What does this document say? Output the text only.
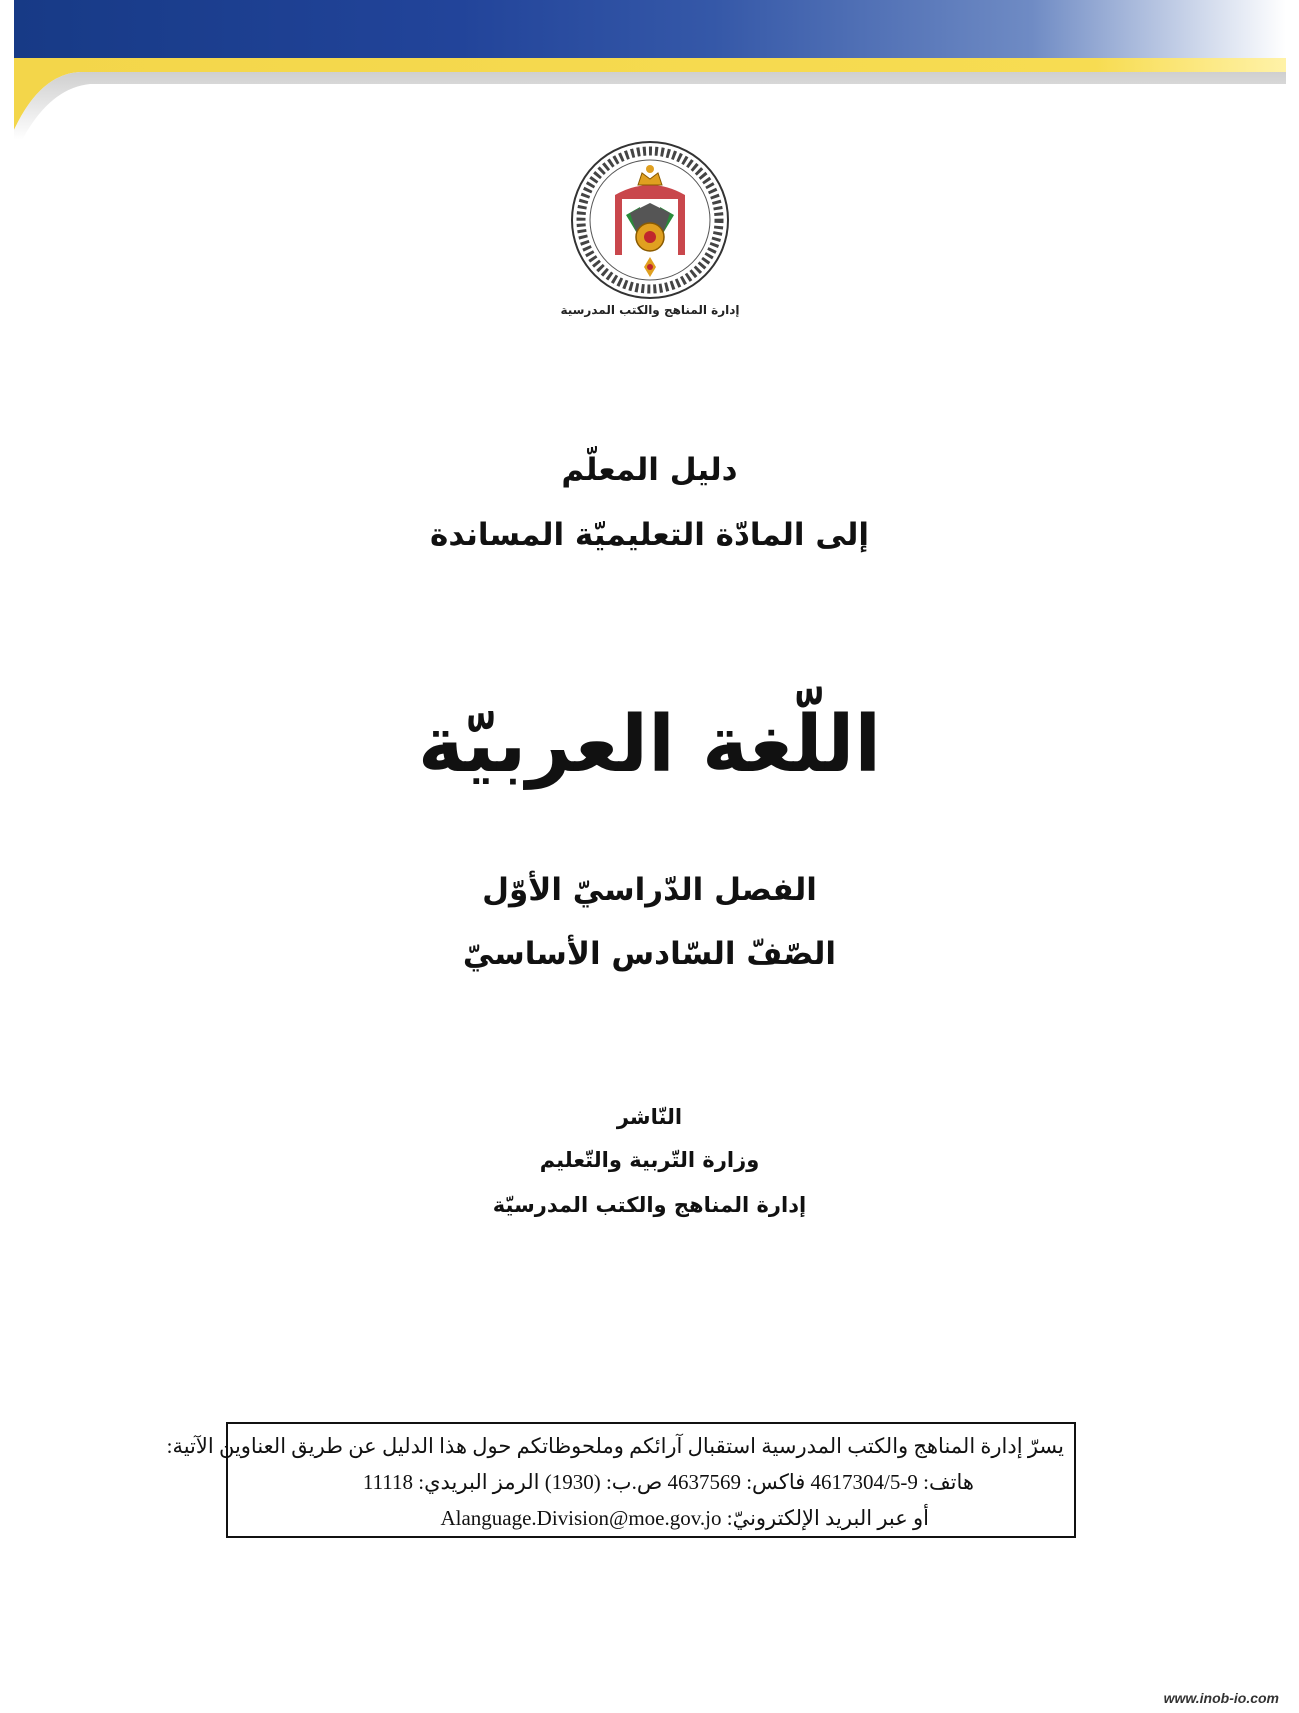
إدارة المناهج والكتب المدرسية
دليل المعلّم
إلى المادّة التعليميّة المساندة
اللّغة العربيّة
الفصل الدّراسيّ الأوّل
الصّفّ السّادس الأساسيّ
النّاشر
وزارة التّربية والتّعليم
إدارة المناهج والكتب المدرسيّة
يسرّ إدارة المناهج والكتب المدرسية استقبال آرائكم وملحوظاتكم حول هذا الدليل عن طريق العناوين الآتية:
هاتف: 9-4617304/5 فاكس: 4637569 ص.ب: (1930) الرمز البريدي: 11118
أو عبر البريد الإلكترونيّ: Alanguage.Division@moe.gov.jo
www.inob-io.com
